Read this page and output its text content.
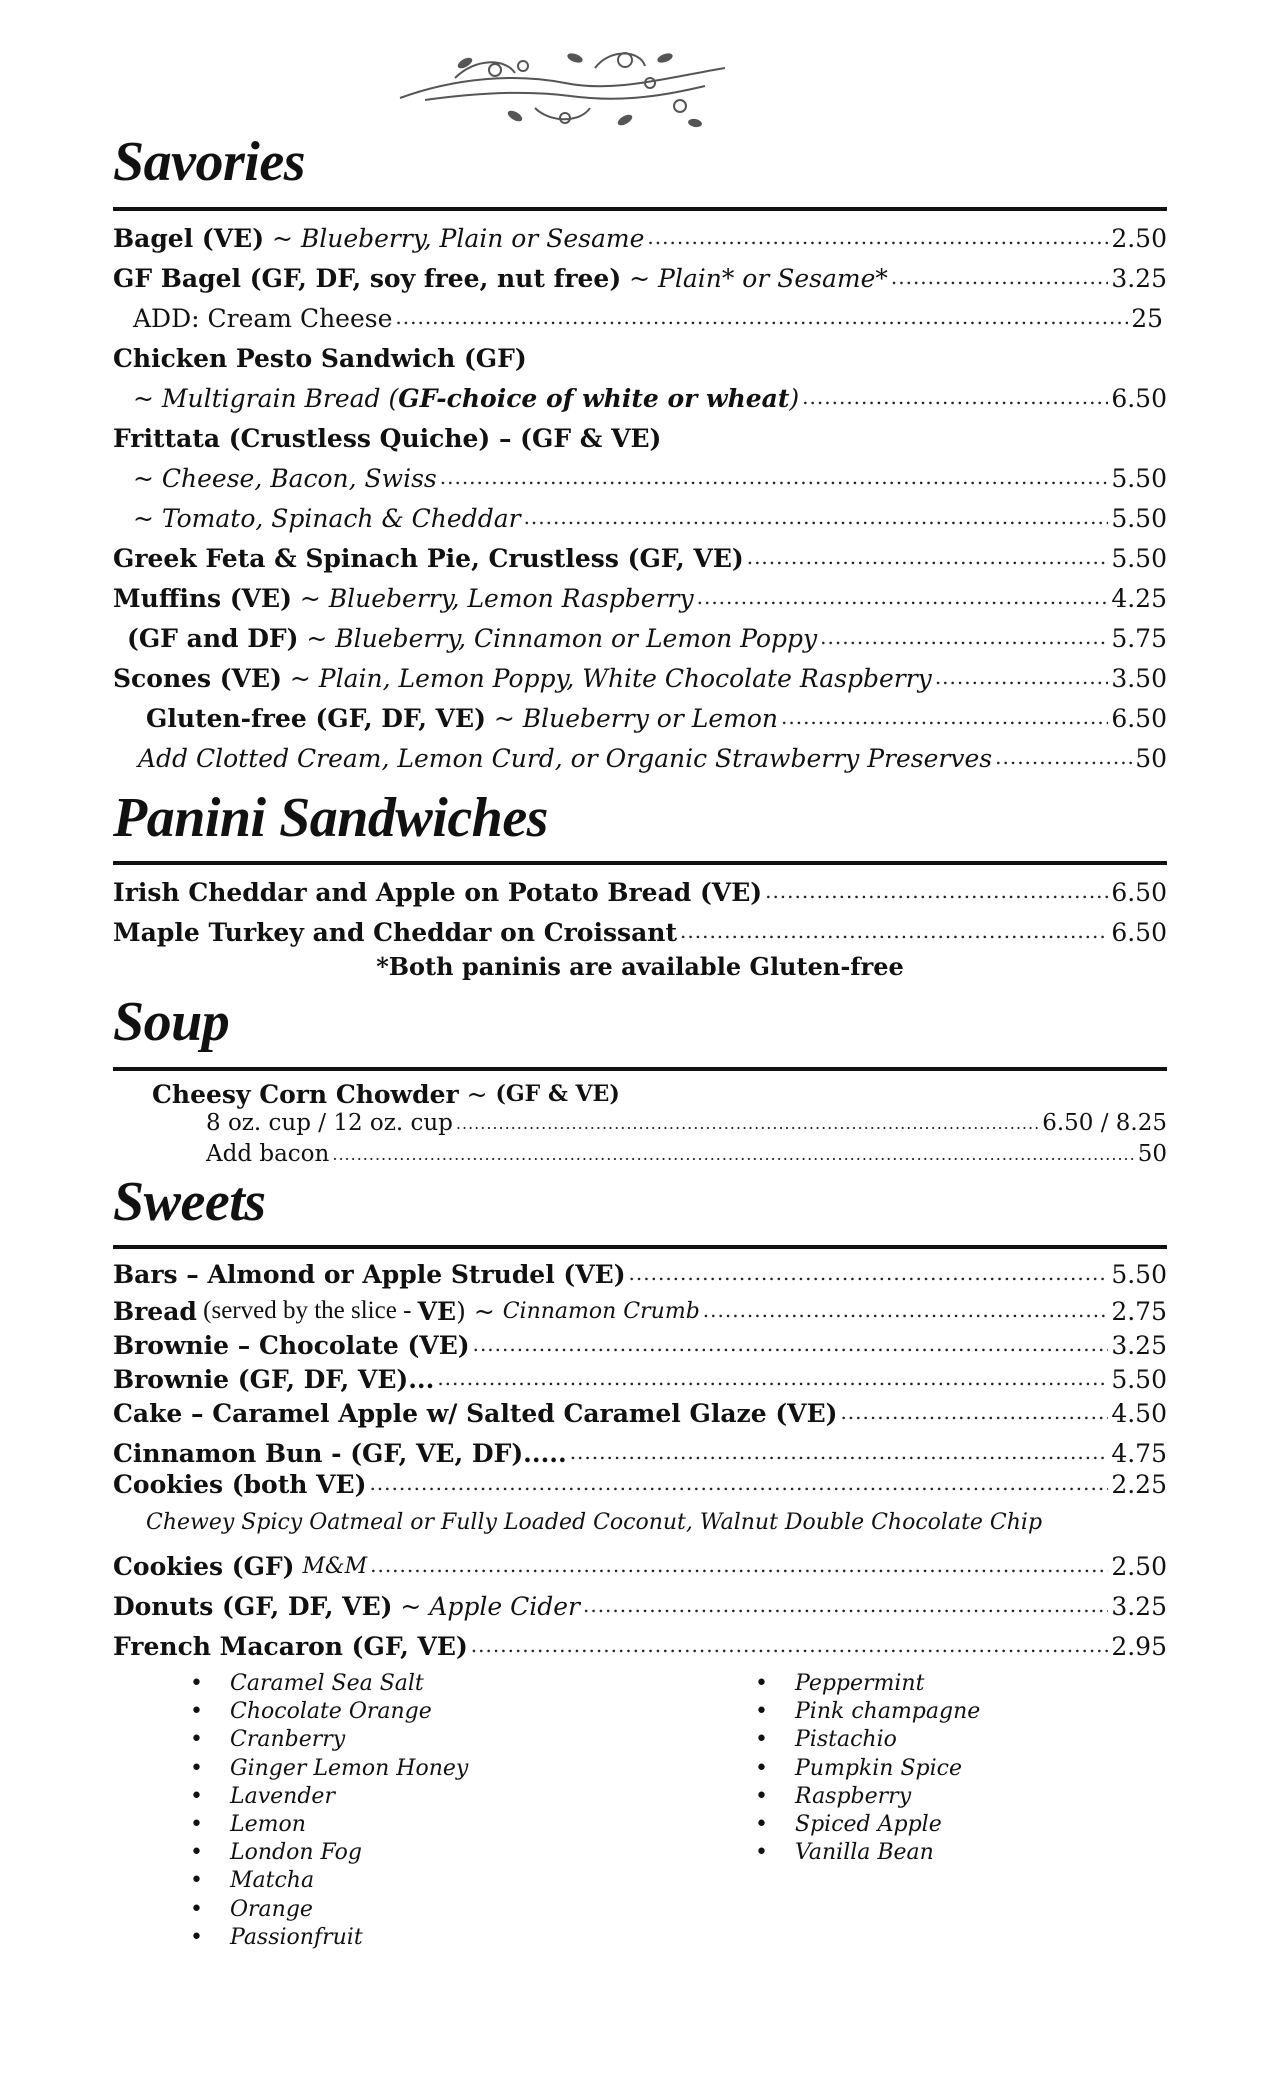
Savories
Bagel (VE) ~ Blueberry, Plain or Sesame .....	2.50
GF Bagel (GF, DF, soy free, nut free) ~ Plain* or Sesame* .....	3.25
ADD: Cream Cheese .....	25
Chicken Pesto Sandwich (GF)
~ Multigrain Bread ( GF-choice of white or wheat ) .....	6.50
Frittata (Crustless Quiche) – (GF & VE)
~ Cheese, Bacon, Swiss .....	5.50
~ Tomato, Spinach & Cheddar .....	5.50
Greek Feta & Spinach Pie, Crustless (GF, VE) .....	5.50
Muffins (VE) ~ Blueberry, Lemon Raspberry .....	4.25
(GF and DF) ~ Blueberry, Cinnamon or Lemon Poppy .....	5.75
Scones (VE) ~ Plain, Lemon Poppy, White Chocolate Raspberry .....	3.50
Gluten-free (GF, DF, VE) ~ Blueberry or Lemon .....	6.50
Add Clotted Cream, Lemon Curd, or Organic Strawberry Preserves .....	50
Panini Sandwiches
Irish Cheddar and Apple on Potato Bread (VE) .....	6.50
Maple Turkey and Cheddar on Croissant .....	6.50
*Both paninis are available Gluten-free
Soup
Cheesy Corn Chowder ~ (GF & VE)
8 oz. cup / 12 oz. cup .....	6.50 / 8.25
Add bacon .....	50
Sweets
Bars – Almond or Apple Strudel (VE) .....	5.50
Bread (served by the slice - VE ) ~ Cinnamon Crumb .....	2.75
Brownie – Chocolate (VE) .....	3.25
Brownie (GF, DF, VE)... .....	5.50
Cake – Caramel Apple w/ Salted Caramel Glaze (VE) .....	4.50
Cinnamon Bun - (GF, VE, DF)..... .....	4.75
Cookies (both VE) .....	2.25
Chewey Spicy Oatmeal or Fully Loaded Coconut, Walnut Double Chocolate Chip
Cookies (GF)
M&M .....	2.50
Donuts (GF, DF, VE) ~ Apple Cider .....	3.25
French Macaron (GF, VE) .....	2.95
• Caramel Sea Salt
• Chocolate Orange
• Cranberry
• Ginger Lemon Honey
• Lavender
• Lemon
• London Fog
• Matcha
• Orange
• Passionfruit
• Peppermint
• Pink champagne
• Pistachio
• Pumpkin Spice
• Raspberry
• Spiced Apple
• Vanilla Bean
